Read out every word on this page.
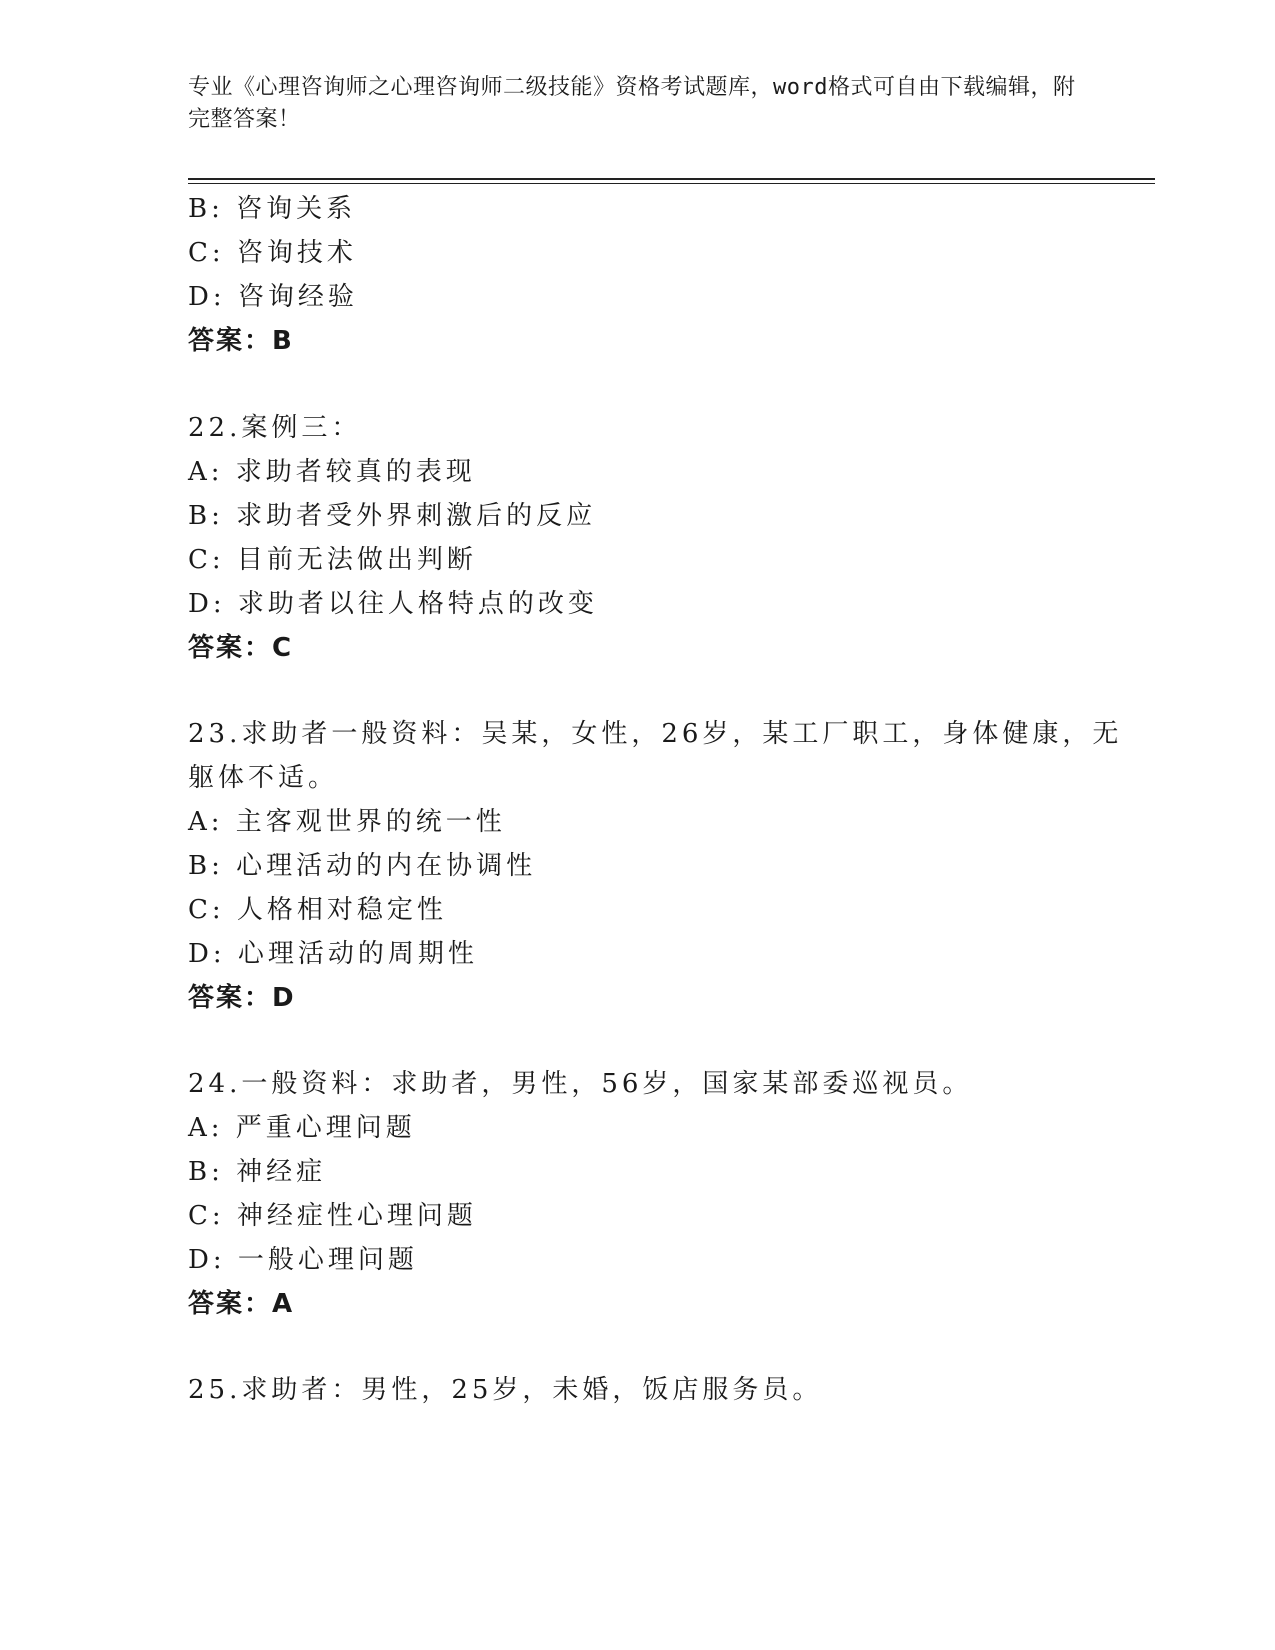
专业《心理咨询师之心理咨询师二级技能》资格考试题库，word格式可自由下载编辑，附完整答案！
B: 咨询关系
C: 咨询技术
D: 咨询经验
答案：B
22.案例三：
A: 求助者较真的表现
B: 求助者受外界刺激后的反应
C: 目前无法做出判断
D: 求助者以往人格特点的改变
答案：C
23.求助者一般资料：吴某，女性，26岁，某工厂职工，身体健康，无
躯体不适。
A: 主客观世界的统一性
B: 心理活动的内在协调性
C: 人格相对稳定性
D: 心理活动的周期性
答案：D
24.一般资料：求助者，男性，56岁，国家某部委巡视员。
A: 严重心理问题
B: 神经症
C: 神经症性心理问题
D: 一般心理问题
答案：A
25.求助者：男性，25岁，未婚，饭店服务员。
